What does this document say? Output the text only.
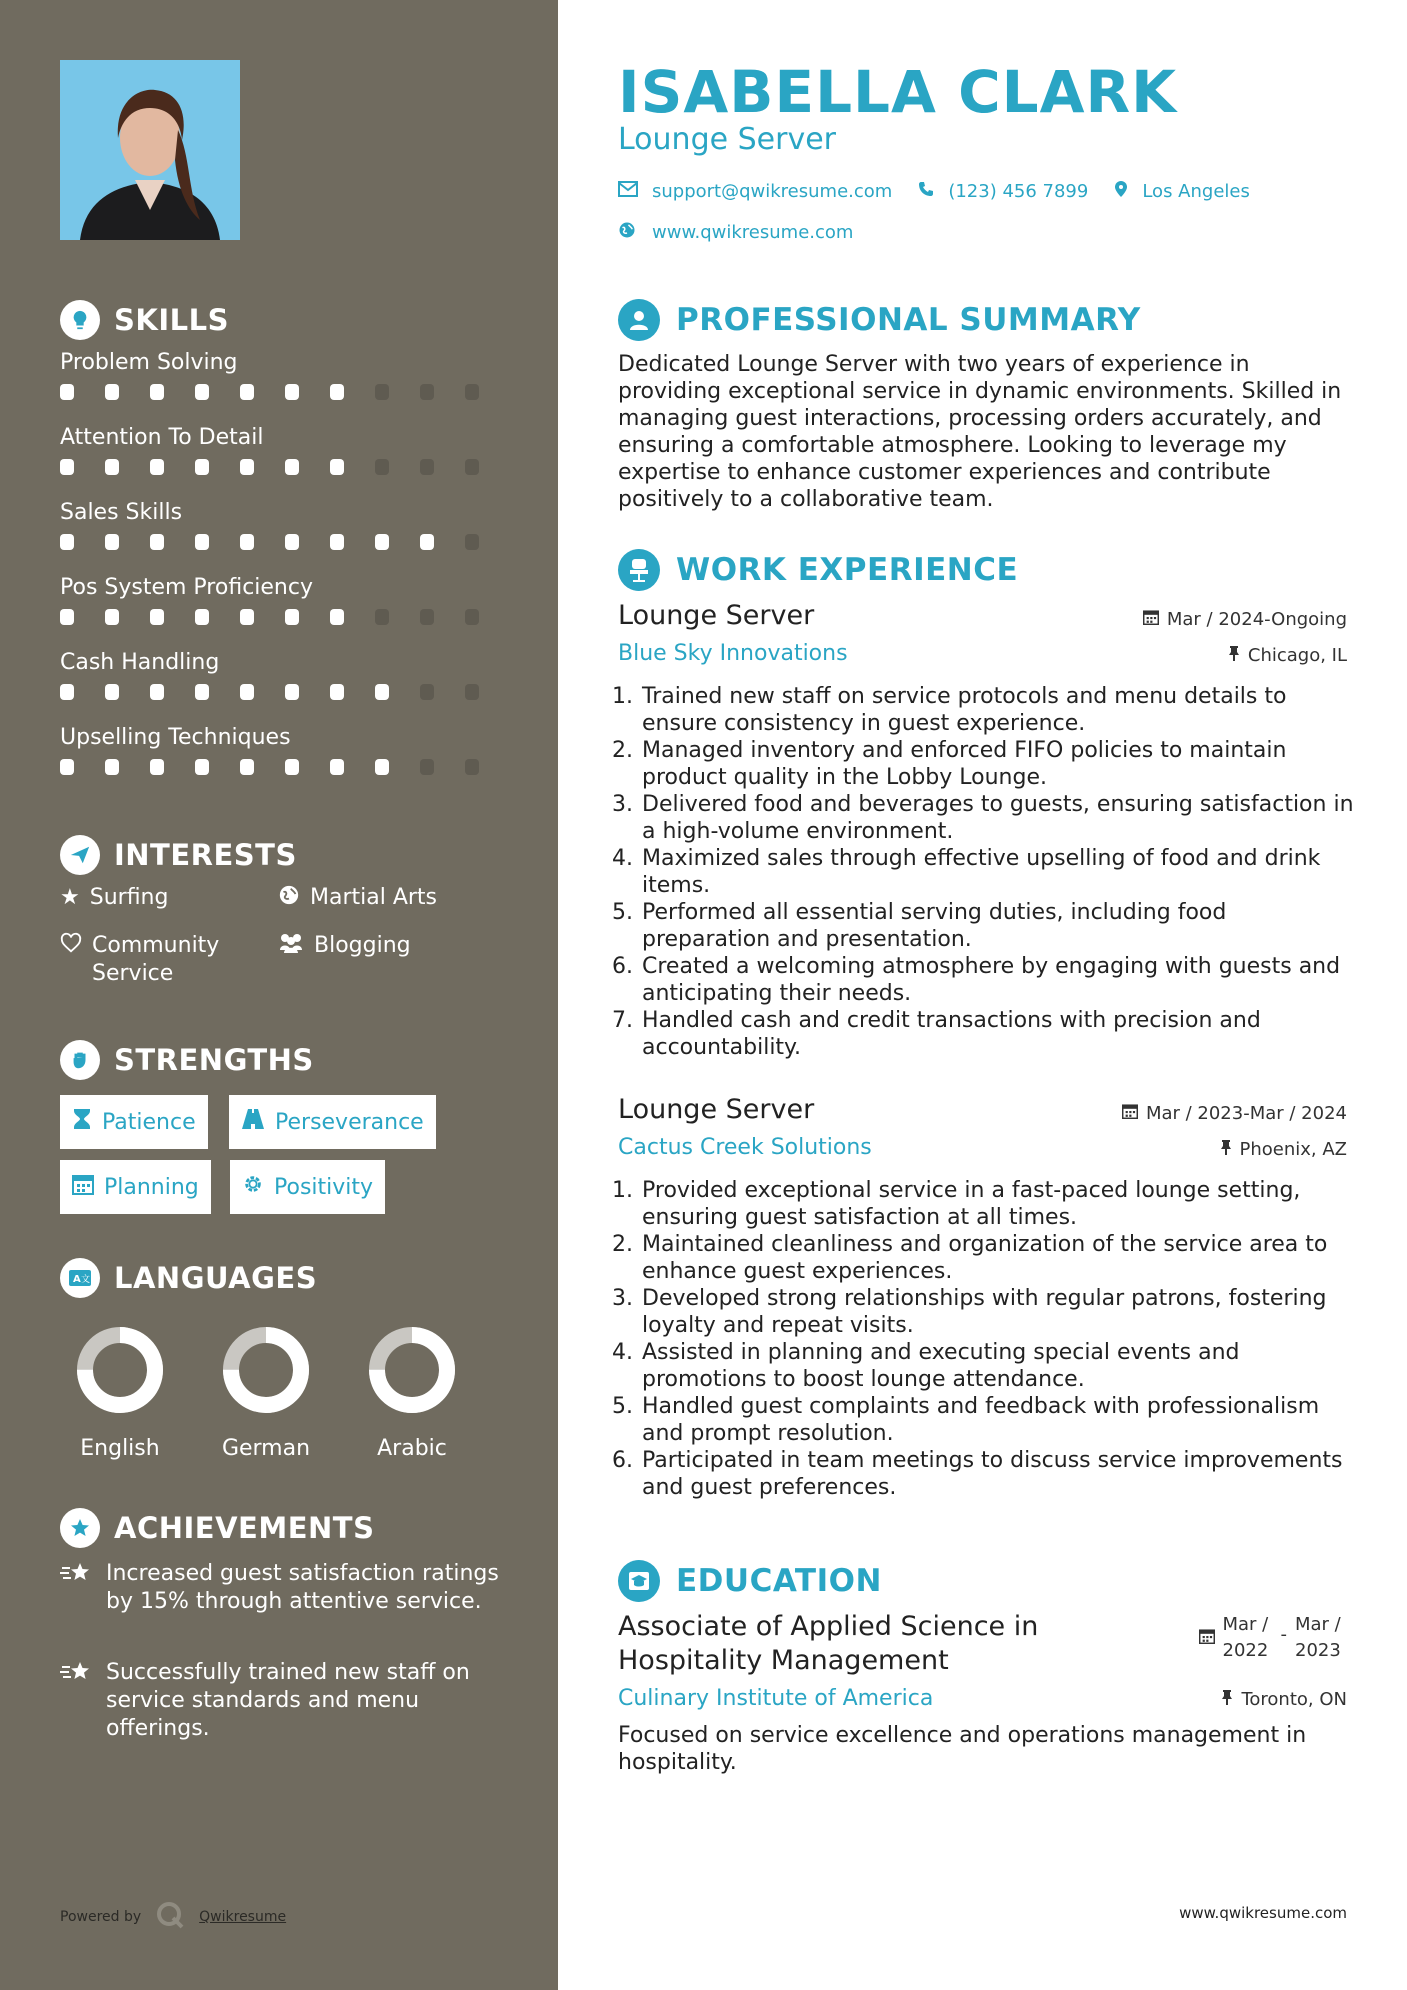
SKILLS
INTERESTS
★ Surfing	Martial Arts
Community Service
Blogging
STRENGTHS
Patience	Perseverance
Planning	Positivity
A 文 LANGUAGES
ACHIEVEMENTS
Increased guest satisfaction ratings by 15% through attentive service.
Successfully trained new staff on service standards and menu offerings.
Powered by	Qwikresume
Problem Solving
Attention To Detail
Sales Skills
Pos System Proficiency
Cash Handling
Upselling Techniques
English	German	Arabic
ISABELLA CLARK
Lounge Server
support@qwikresume.com	(123) 456 7899	Los Angeles
www.qwikresume.com
PROFESSIONAL SUMMARY
Dedicated Lounge Server with two years of experience in providing exceptional service in dynamic environments. Skilled in managing guest interactions, processing orders accurately, and ensuring a comfortable atmosphere. Looking to leverage my expertise to enhance customer experiences and contribute positively to a collaborative team.
WORK EXPERIENCE
Lounge Server	Mar / 2024-Ongoing
Blue Sky Innovations	Chicago, IL
1. Trained new staff on service protocols and menu details to ensure consistency in guest experience.
2. Managed inventory and enforced FIFO policies to maintain product quality in the Lobby Lounge.
3. Delivered food and beverages to guests, ensuring satisfaction in a high-volume environment.
4. Maximized sales through effective upselling of food and drink items.
5. Performed all essential serving duties, including food preparation and presentation.
6. Created a welcoming atmosphere by engaging with guests and anticipating their needs.
7. Handled cash and credit transactions with precision and accountability.
Lounge Server	Mar / 2023-Mar / 2024
Cactus Creek Solutions	Phoenix, AZ
1. Provided exceptional service in a fast-paced lounge setting, ensuring guest satisfaction at all times.
2. Maintained cleanliness and organization of the service area to enhance guest experiences.
3. Developed strong relationships with regular patrons, fostering loyalty and repeat visits.
4. Assisted in planning and executing special events and promotions to boost lounge attendance.
5. Handled guest complaints and feedback with professionalism and prompt resolution.
6. Participated in team meetings to discuss service improvements and guest preferences.
EDUCATION
Associate of Applied Science in
Hospitality Management
Mar /
2022
- Mar /
2023
Culinary Institute of America	Toronto, ON
Focused on service excellence and operations management in hospitality.
www.qwikresume.com
